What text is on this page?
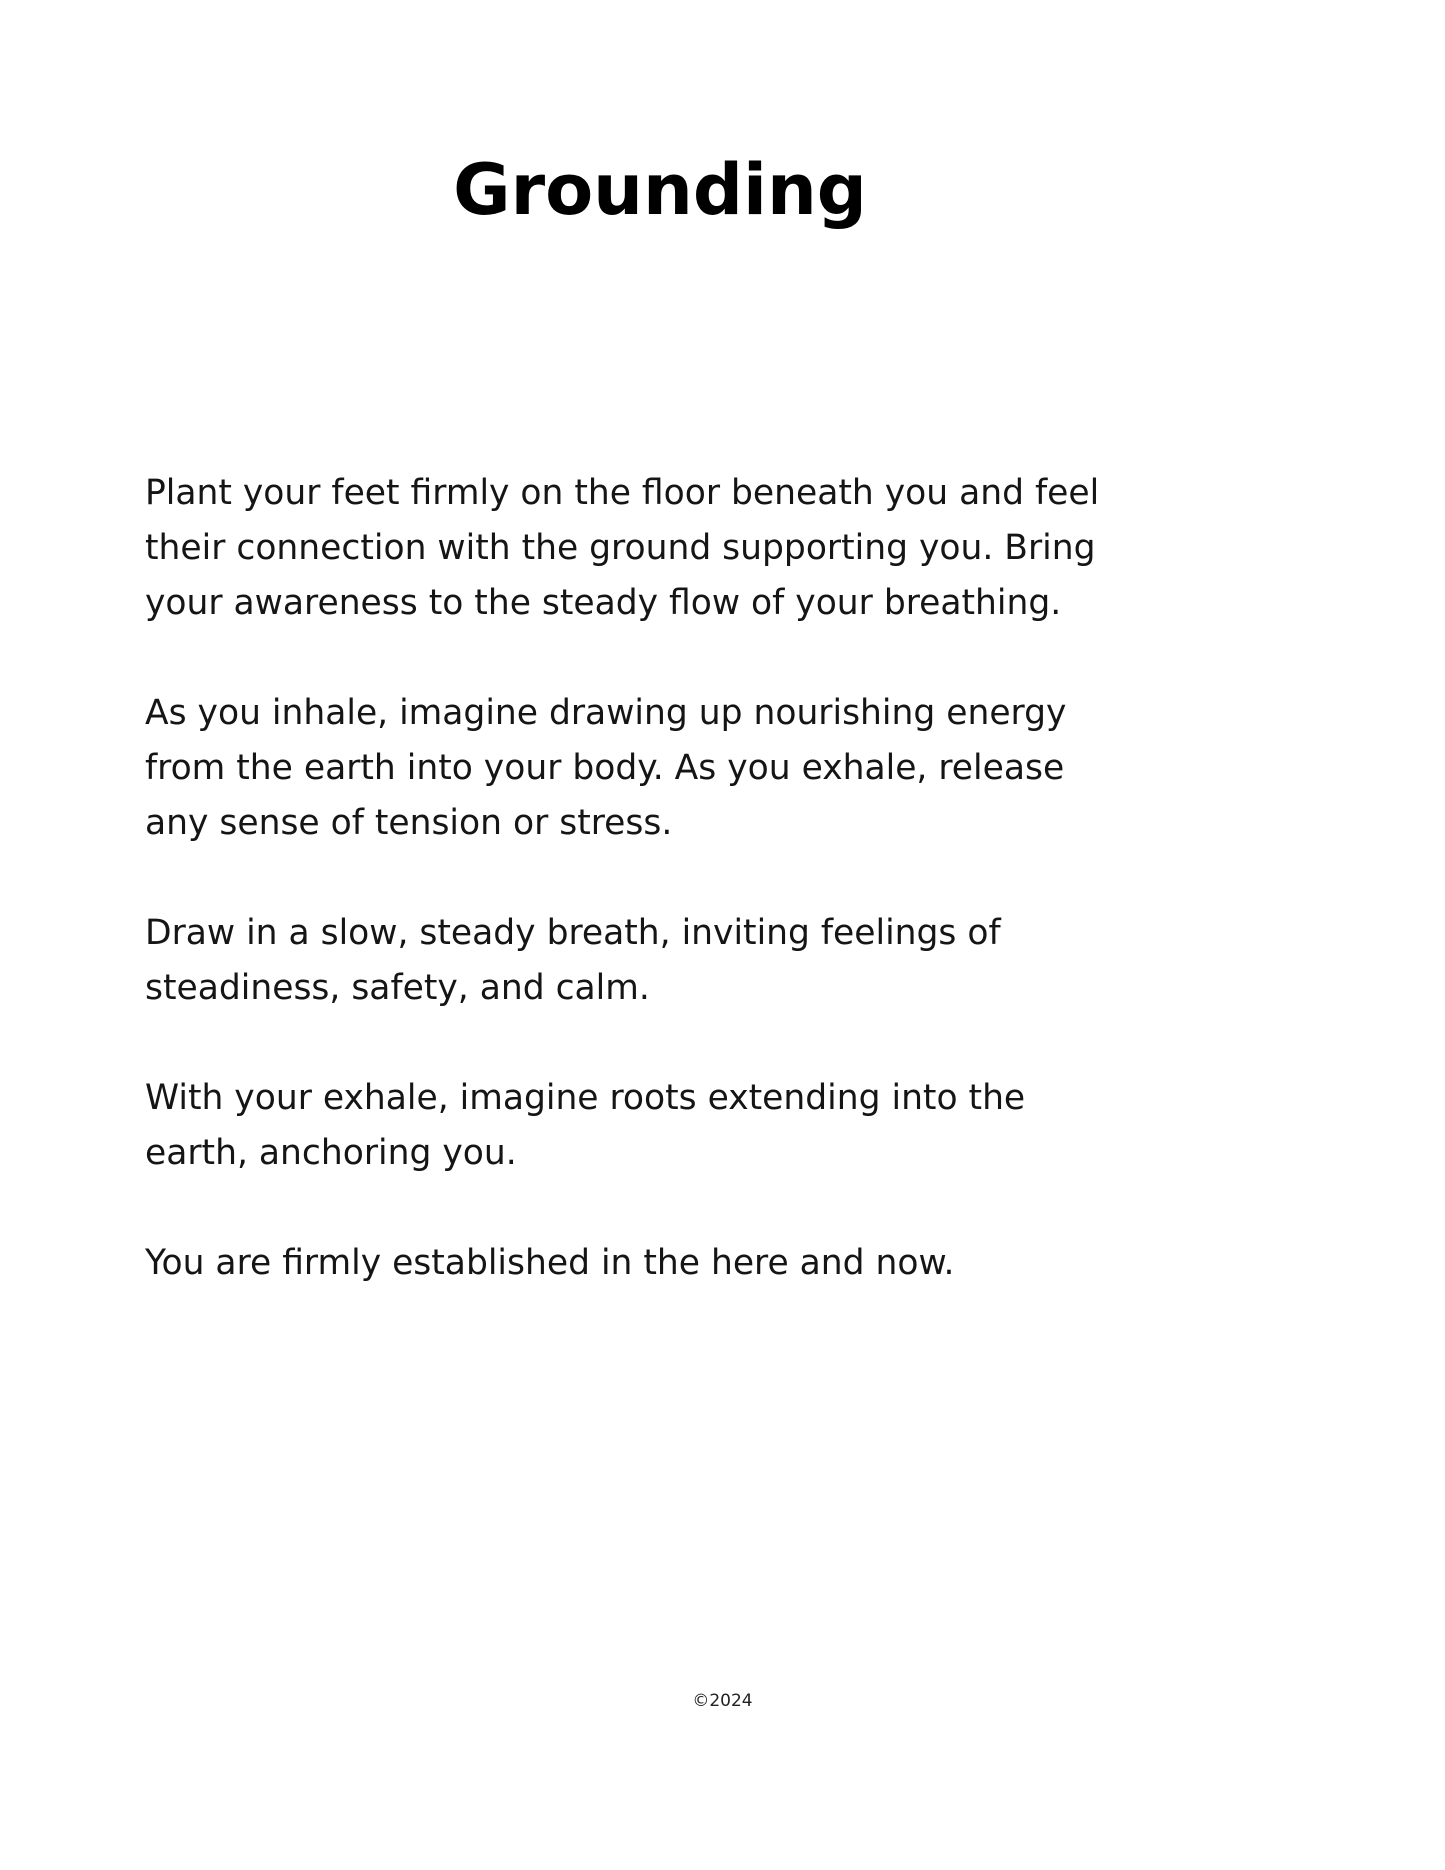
Grounding

Plant your feet firmly on the floor beneath you and feel
their connection with the ground supporting you. Bring
your awareness to the steady flow of your breathing.

As you inhale, imagine drawing up nourishing energy
from the earth into your body. As you exhale, release
any sense of tension or stress.

Draw in a slow, steady breath, inviting feelings of
steadiness, safety, and calm.

With your exhale, imagine roots extending into the
earth, anchoring you.

You are firmly established in the here and now.

©2024
